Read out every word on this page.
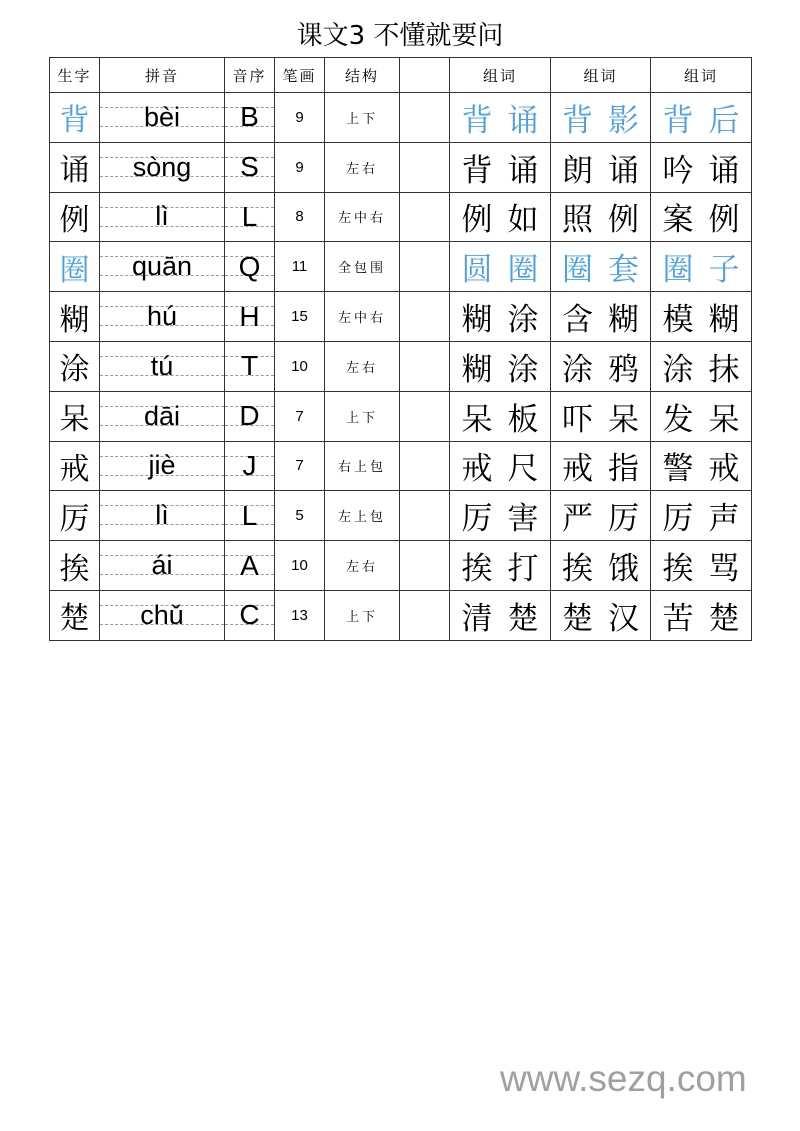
课文3 不懂就要问
生字	拼音	音序	笔画	结构		组词	组词	组词
背	bèi	B	9	上下		背 诵	背 影	背 后
诵	sòng	S	9	左右		背 诵	朗 诵	吟 诵
例	lì	L	8	左中右		例 如	照 例	案 例
圈	quān	Q	11	全包围		圆 圈	圈 套	圈 子
糊	hú	H	15	左中右		糊 涂	含 糊	模 糊
涂	tú	T	10	左右		糊 涂	涂 鸦	涂 抹
呆	dāi	D	7	上下		呆 板	吓 呆	发 呆
戒	jiè	J	7	右上包		戒 尺	戒 指	警 戒
厉	lì	L	5	左上包		厉 害	严 厉	厉 声
挨	ái	A	10	左右		挨 打	挨 饿	挨 骂
楚	chǔ	C	13	上下		清 楚	楚 汉	苦 楚
www.sezq.com
